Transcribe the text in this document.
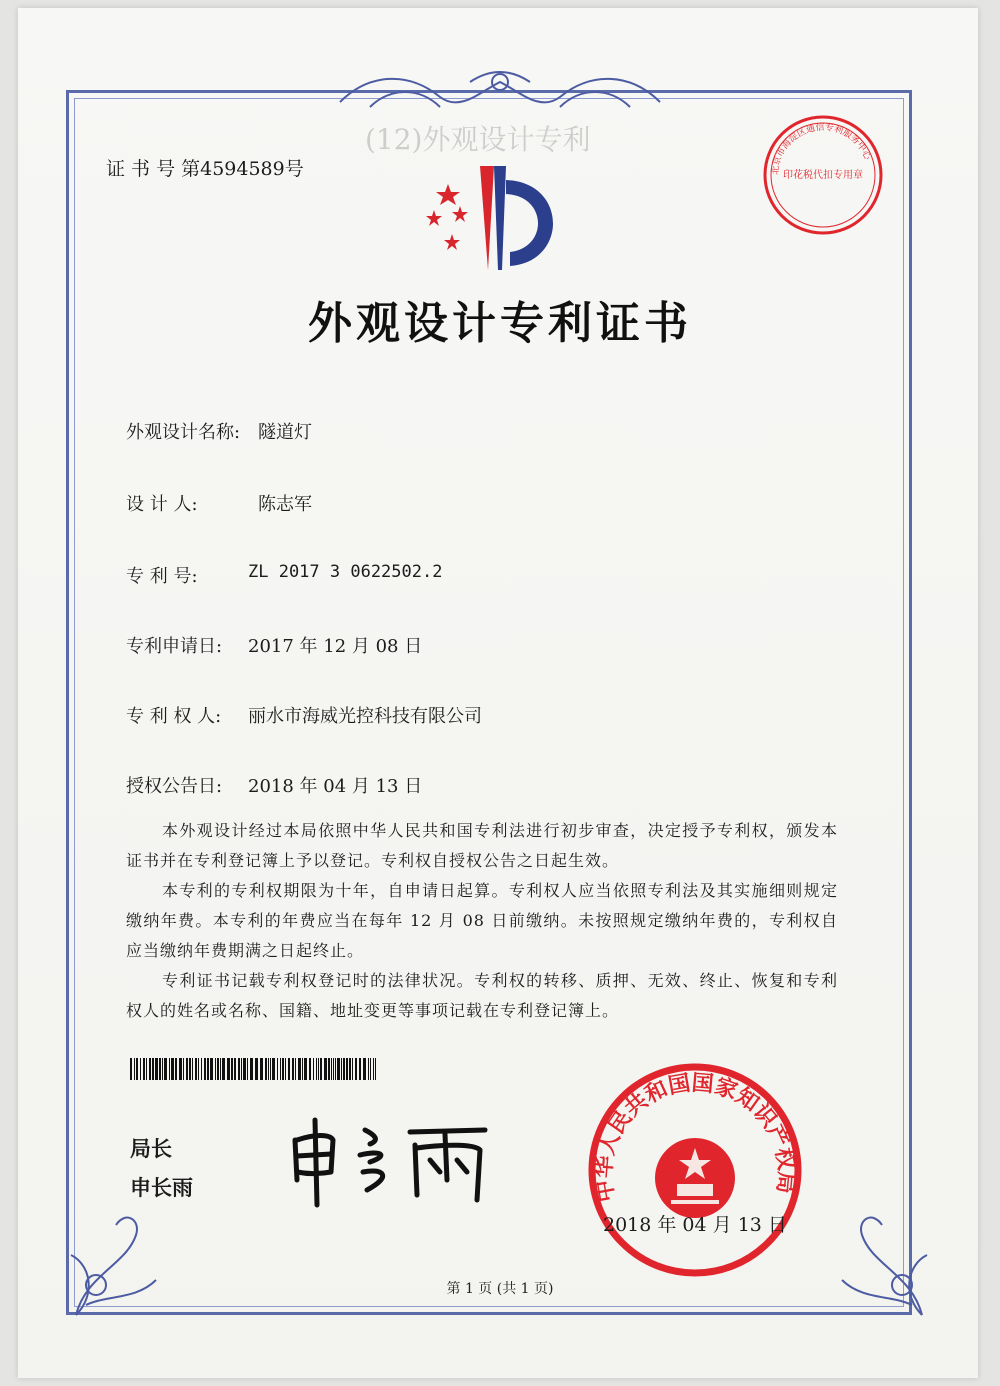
(12)外观设计专利
证 书 号 第4594589号	北京市海淀区通信专利服务中心
印花税代扣专用章
外观设计专利证书
外观设计名称: 隧道灯
设 计 人:	陈志军
专 利 号:	ZL 2017 3 0622502.2
专利申请日: 2017 年 12 月 08 日
专 利 权 人: 丽水市海威光控科技有限公司
授权公告日: 2018 年 04 月 13 日
本外观设计经过本局依照中华人民共和国专利法进行初步审查，决定授予专利权，颁发本证书并在专利登记簿上予以登记。专利权自授权公告之日起生效。
本专利的专利权期限为十年，自申请日起算。专利权人应当依照专利法及其实施细则规定缴纳年费。本专利的年费应当在每年 12 月 08 日前缴纳。未按照规定缴纳年费的，专利权自应当缴纳年费期满之日起终止。
专利证书记载专利权登记时的法律状况。专利权的转移、质押、无效、终止、恢复和专利权人的姓名或名称、国籍、地址变更等事项记载在专利登记簿上。
局长
申长雨	中华人民共和国国家知识产权局
2018 年 04 月 13 日
第 1 页 (共 1 页)
